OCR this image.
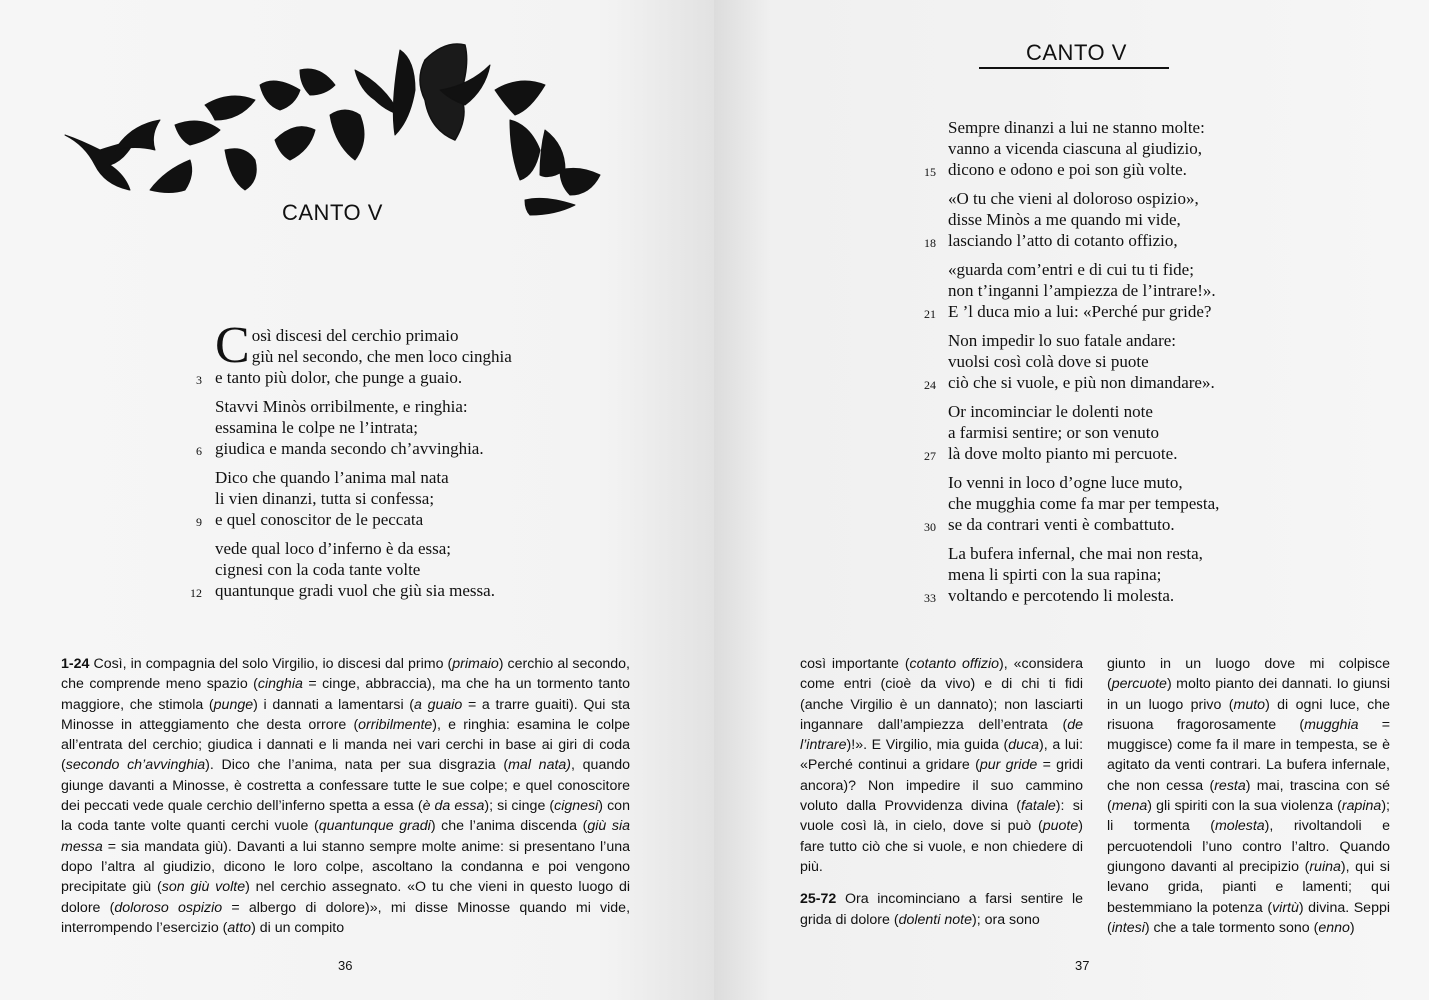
CANTO V
C osì discesi del cerchio primaio
giù nel secondo, che men loco cinghia
e tanto più dolor, che punge a guaio.
3
Stavvi Minòs orribilmente, e ringhia:
essamina le colpe ne l’intrata;
giudica e manda secondo ch’avvinghia.
6
Dico che quando l’anima mal nata
li vien dinanzi, tutta si confessa;
e quel conoscitor de le peccata
9
vede qual loco d’inferno è da essa;
cignesi con la coda tante volte
quantunque gradi vuol che giù sia messa.
12
1-24 Così, in compagnia del solo Virgilio, io discesi dal primo (primaio) cerchio al secondo, che comprende meno spazio (cinghia = cinge, abbraccia), ma che ha un tormento tanto maggiore, che stimola (punge) i dannati a lamentarsi (a guaio = a trarre guaiti). Qui sta Minosse in atteggiamento che desta orrore (orribilmente), e ringhia: esamina le colpe all’entrata del cerchio; giudica i dannati e li manda nei vari cerchi in base ai giri di coda (secondo ch’avvinghia). Dico che l’anima, nata per sua disgrazia (mal nata), quando giunge davanti a Minosse, è costretta a confessare tutte le sue colpe; e quel conoscitore dei peccati vede quale cerchio dell’inferno spetta a essa (è da essa); si cinge (cignesi) con la coda tante volte quanti cerchi vuole (quantunque gradi) che l’anima discenda (giù sia messa = sia mandata giù). Davanti a lui stanno sempre molte anime: si presentano l’una dopo l’altra al giudizio, dicono le loro colpe, ascoltano la condanna e poi vengono precipitate giù (son giù volte) nel cerchio assegnato. «O tu che vieni in questo luogo di dolore (doloroso ospizio = albergo di dolore)», mi disse Minosse quando mi vide, interrompendo l’esercizio (atto) di un compito
36
CANTO V
Sempre dinanzi a lui ne stanno molte:
vanno a vicenda ciascuna al giudizio,
dicono e odono e poi son giù volte.
15
«O tu che vieni al doloroso ospizio»,
disse Minòs a me quando mi vide,
lasciando l’atto di cotanto offizio,
18
«guarda com’entri e di cui tu ti fide;
non t’inganni l’ampiezza de l’intrare!».
E ’l duca mio a lui: «Perché pur gride?
21
Non impedir lo suo fatale andare:
vuolsi così colà dove si puote
ciò che si vuole, e più non dimandare».
24
Or incominciar le dolenti note
a farmisi sentire; or son venuto
là dove molto pianto mi percuote.
27
Io venni in loco d’ogne luce muto,
che mugghia come fa mar per tempesta,
se da contrari venti è combattuto.
30
La bufera infernal, che mai non resta,
mena li spirti con la sua rapina;
voltando e percotendo li molesta.
33
così importante (cotanto offizio), «considera come entri (cioè da vivo) e di chi ti fidi (anche Virgilio è un dannato); non lasciarti ingannare dall’ampiezza dell’entrata (de l’intrare)!». E Virgilio, mia guida (duca), a lui: «Perché continui a gridare (pur gride = gridi ancora)? Non impedire il suo cammino voluto dalla Provvidenza divina (fatale): si vuole così là, in cielo, dove si può (puote) fare tutto ciò che si vuole, e non chiedere di più.
25-72 Ora incominciano a farsi sentire le grida di dolore (dolenti note); ora sono
giunto in un luogo dove mi colpisce (percuote) molto pianto dei dannati. Io giunsi in un luogo privo (muto) di ogni luce, che risuona fragorosamente (mugghia = muggisce) come fa il mare in tempesta, se è agitato da venti contrari. La bufera infernale, che non cessa (resta) mai, trascina con sé (mena) gli spiriti con la sua violenza (rapina); li tormenta (molesta), rivoltandoli e percuotendoli l’uno contro l’altro. Quando giungono davanti al precipizio (ruina), qui si levano grida, pianti e lamenti; qui bestemmiano la potenza (virtù) divina. Seppi (intesi) che a tale tormento sono (enno)
37
